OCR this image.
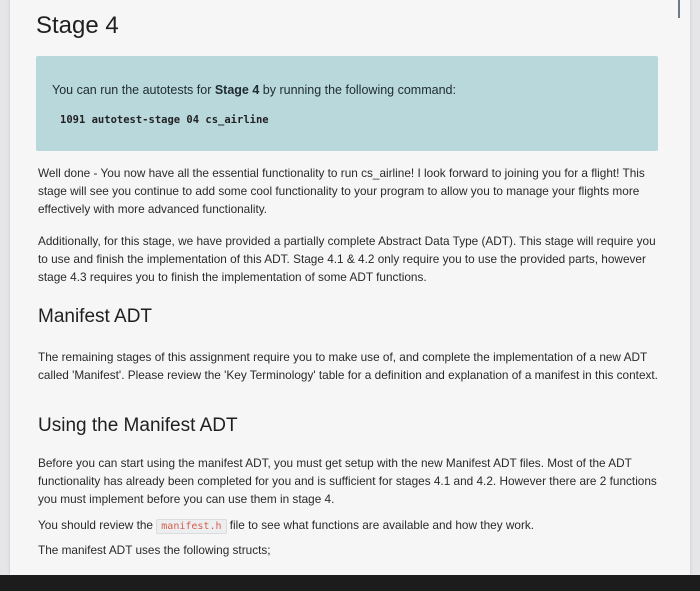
Stage 4
You can run the autotests for Stage 4 by running the following command:
1091 autotest-stage 04 cs_airline
Well done - You now have all the essential functionality to run cs_airline! I look forward to joining you for a flight! This stage will see you continue to add some cool functionality to your program to allow you to manage your flights more effectively with more advanced functionality.
Additionally, for this stage, we have provided a partially complete Abstract Data Type (ADT). This stage will require you to use and finish the implementation of this ADT. Stage 4.1 & 4.2 only require you to use the provided parts, however stage 4.3 requires you to finish the implementation of some ADT functions.
Manifest ADT
The remaining stages of this assignment require you to make use of, and complete the implementation of a new ADT called 'Manifest'. Please review the 'Key Terminology' table for a definition and explanation of a manifest in this context.
Using the Manifest ADT
Before you can start using the manifest ADT, you must get setup with the new Manifest ADT files. Most of the ADT functionality has already been completed for you and is sufficient for stages 4.1 and 4.2. However there are 2 functions you must implement before you can use them in stage 4.
You should review the manifest.h file to see what functions are available and how they work.
The manifest ADT uses the following structs;
